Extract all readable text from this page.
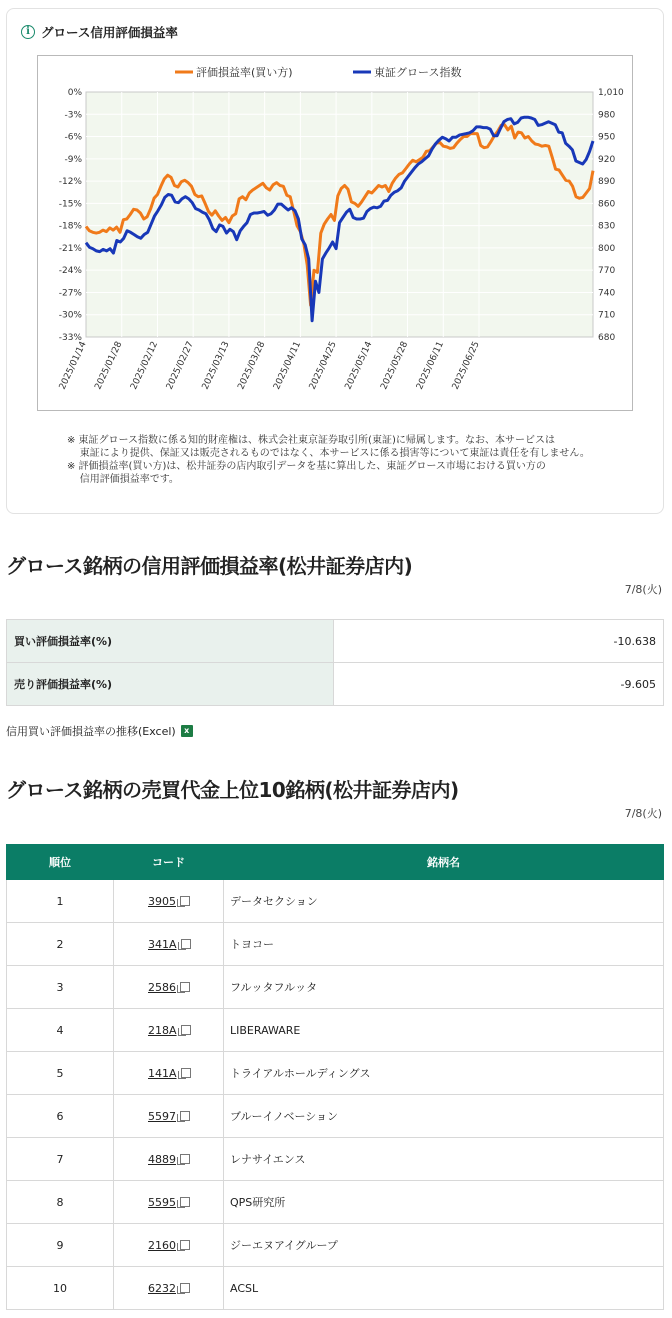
i グロース信用評価損益率
0%	1,010
-3%	980
-6%	950
-9%	920
-12%	890
-15%	860
-18%	830
-21%	800
-24%	770
-27%	740
-30%	710
-33%	680
2025/01/14 2025/01/28 2025/02/12 2025/02/27 2025/03/13 2025/03/28 2025/04/11 2025/04/25 2025/05/14 2025/05/28 2025/06/11 2025/06/25
評価損益率(買い方)	東証グロース指数
※ 東証グロース指数に係る知的財産権は、株式会社東京証券取引所(東証)に帰属します。なお、本サービスは
東証により提供、保証又は販売されるものではなく、本サービスに係る損害等について東証は責任を有しません。
※ 評価損益率(買い方)は、松井証券の店内取引データを基に算出した、東証グロース市場における買い方の
信用評価損益率です。
グロース銘柄の信用評価損益率(松井証券店内)
7/8(火)
買い評価損益率(%)	-10.638
売り評価損益率(%)	-9.605
信用買い評価損益率の推移(Excel)	x
グロース銘柄の売買代金上位10銘柄(松井証券店内)
7/8(火)
順位	コード	銘柄名
1	3905	データセクション
2	341A	トヨコー
3	2586	フルッタフルッタ
4	218A	LIBERAWARE
5	141A	トライアルホールディングス
6	5597	ブルーイノベーション
7	4889	レナサイエンス
8	5595	QPS研究所
9	2160	ジーエヌアイグループ
10	6232	ACSL
